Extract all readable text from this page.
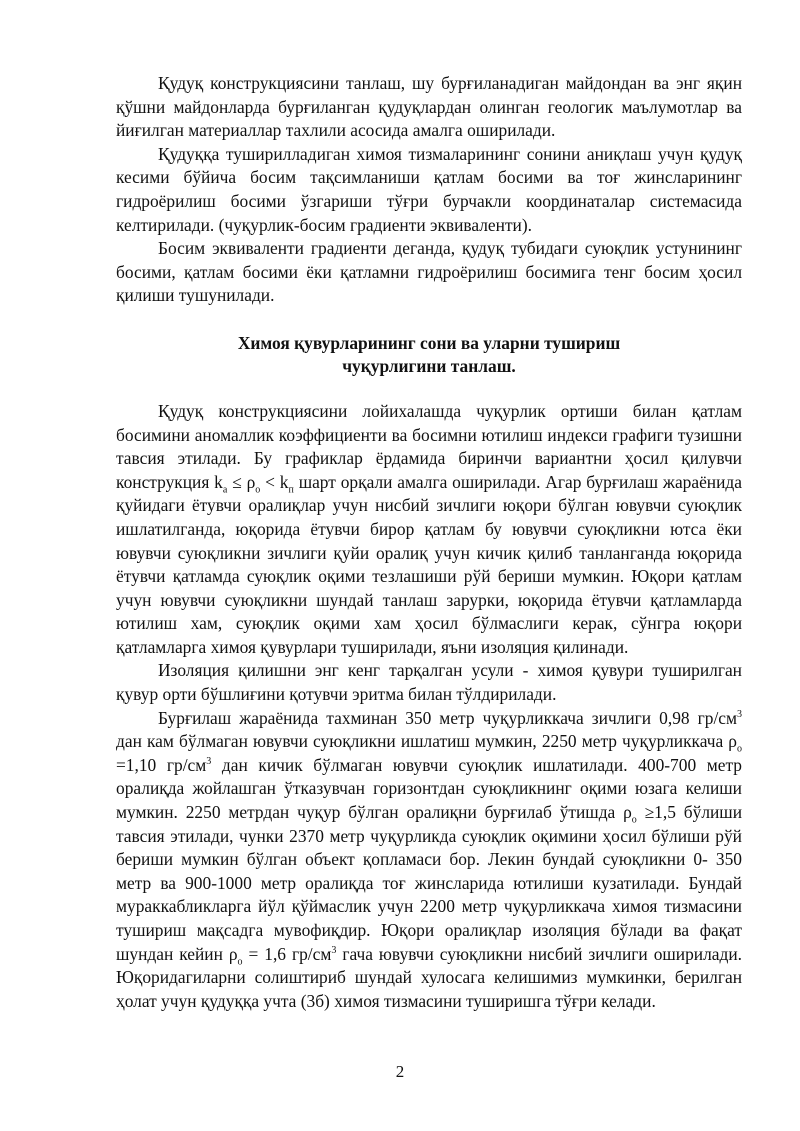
Қудуқ конструкциясини танлаш, шу бурғиланадиган майдондан ва энг яқин қўшни майдонларда бурғиланган қудуқлардан олинган геологик маълумотлар ва йиғилган материаллар тахлили асосида амалга оширилади.

Қудуққа туширилладиган химоя тизмаларининг сонини аниқлаш учун қудуқ кесими бўйича босим тақсимланиши қатлам босими ва тоғ жинсларининг гидроёрилиш босими ўзгариши тўғри бурчакли координаталар системасида келтирилади. (чуқурлик-босим градиенти эквиваленти).

Босим эквиваленти градиенти деганда, қудуқ тубидаги суюқлик устунининг босими, қатлам босими ёки қатламни гидроёрилиш босимига тенг босим ҳосил қилиши тушунилади.

Химоя қувурларининг сони ва уларни тушириш
чуқурлигини танлаш.

Қудуқ конструкциясини лойихалашда чуқурлик ортиши билан қатлам босимини аномаллик коэффициенти ва босимни ютилиш индекси графиги тузишни тавсия этилади. Бу графиклар ёрдамида биринчи вариантни ҳосил қилувчи конструкция $k_а \le \rho_о < k_п$ шарт орқали амалга оширилади. Агар бурғилаш жараёнида қуйидаги ётувчи оралиқлар учун нисбий зичлиги юқори бўлган ювувчи суюқлик ишлатилганда, юқорида ётувчи бирор қатлам бу ювувчи суюқликни ютса ёки ювувчи суюқликни зичлиги қуйи оралиқ учун кичик қилиб танланганда юқорида ётувчи қатламда суюқлик оқими тезлашиши рўй бериши мумкин. Юқори қатлам учун ювувчи суюқликни шундай танлаш зарурки, юқорида ётувчи қатламларда ютилиш хам, суюқлик оқими хам ҳосил бўлмаслиги керак, сўнгра юқори қатламларга химоя қувурлари туширилади, яъни изоляция қилинади.

Изоляция қилишни энг кенг тарқалган усули - химоя қувури туширилган қувур орти бўшлиғини қотувчи эритма билан тўлдирилади.

Бурғилаш жараёнида тахминан 350 метр чуқурликкача зичлиги 0,98 $гр/см^3$ дан кам бўлмаган ювувчи суюқликни ишлатиш мумкин, 2250 метр чуқурликкача $\rho_о =1,10$ $гр/см^3$ дан кичик бўлмаган ювувчи суюқлик ишлатилади. 400-700 метр оралиқда жойлашган ўтказувчан горизонтдан суюқликнинг оқими юзага келиши мумкин. 2250 метрдан чуқур бўлган оралиқни бурғилаб ўтишда $\rho_о \ge 1,5$ бўлиши тавсия этилади, чунки 2370 метр чуқурликда суюқлик оқимини ҳосил бўлиши рўй бериши мумкин бўлган объект қопламаси бор. Лекин бундай суюқликни 0- 350 метр ва 900-1000 метр оралиқда тоғ жинсларида ютилиши кузатилади. Бундай мураккабликларга йўл қўймаслик учун 2200 метр чуқурликкача химоя тизмасини тушириш мақсадга мувофиқдир. Юқори оралиқлар изоляция бўлади ва фақат шундан кейин $\rho_о = 1,6$ $гр/см^3$ гача ювувчи суюқликни нисбий зичлиги оширилади. Юқоридагиларни солиштириб шундай хулосага келишимиз мумкинки, берилган ҳолат учун қудуққа учта (3б) химоя тизмасини туширишга тўғри келади.

2
